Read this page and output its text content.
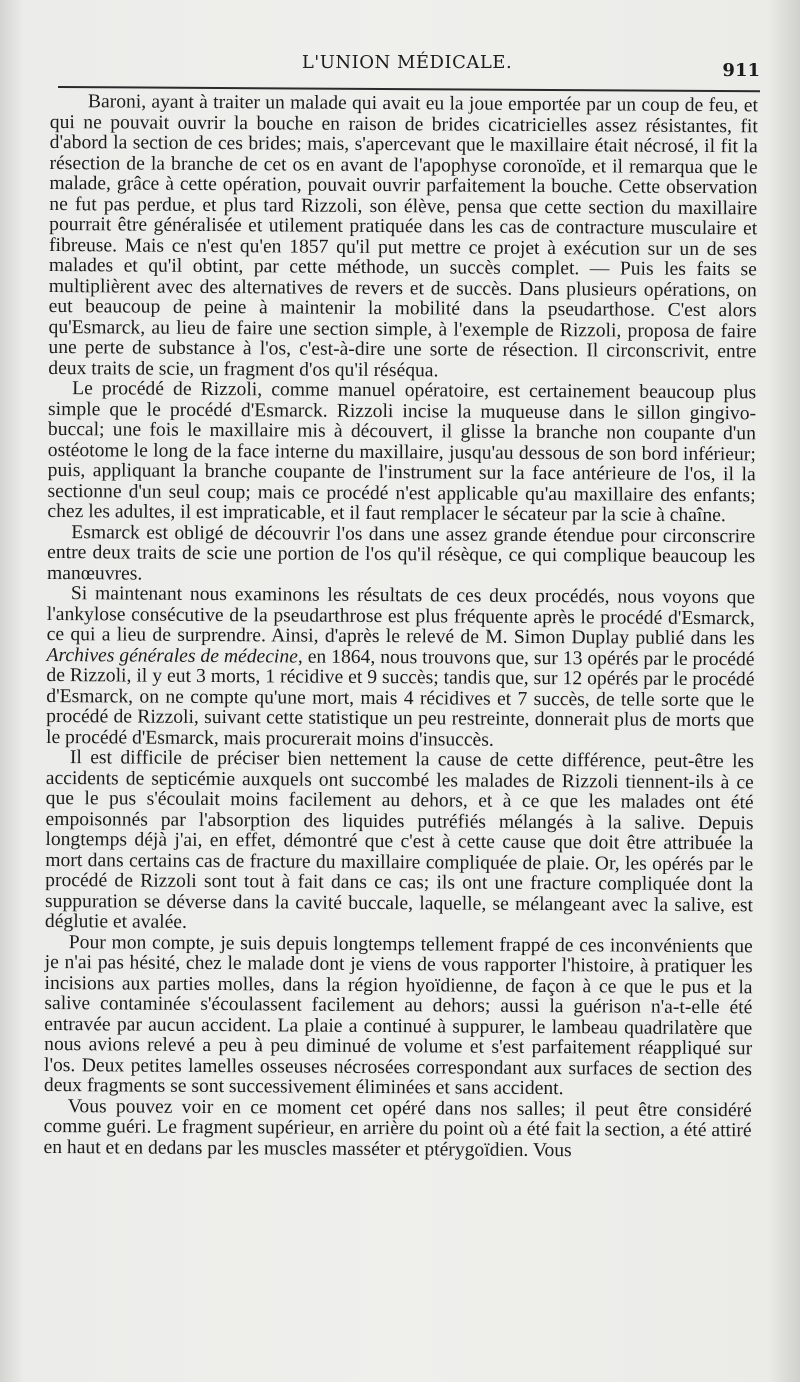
L'UNION MÉDICALE.	911

Baroni, ayant à traiter un malade qui avait eu la joue emportée par un coup de feu, et qui ne pouvait ouvrir la bouche en raison de brides cicatricielles assez résistantes, fit d'abord la section de ces brides; mais, s'apercevant que le maxillaire était nécrosé, il fit la résection de la branche de cet os en avant de l'apophyse coronoïde, et il remarqua que le malade, grâce à cette opération, pouvait ouvrir parfaitement la bouche. Cette observation ne fut pas perdue, et plus tard Rizzoli, son élève, pensa que cette section du maxillaire pourrait être généralisée et utilement pratiquée dans les cas de contracture musculaire et fibreuse. Mais ce n'est qu'en 1857 qu'il put mettre ce projet à exécution sur un de ses malades et qu'il obtint, par cette méthode, un succès complet. — Puis les faits se multiplièrent avec des alternatives de revers et de succès. Dans plusieurs opérations, on eut beaucoup de peine à maintenir la mobilité dans la pseudarthose. C'est alors qu'Esmarck, au lieu de faire une section simple, à l'exemple de Rizzoli, proposa de faire une perte de substance à l'os, c'est-à-dire une sorte de résection. Il circonscrivit, entre deux traits de scie, un fragment d'os qu'il réséqua.

Le procédé de Rizzoli, comme manuel opératoire, est certainement beaucoup plus simple que le procédé d'Esmarck. Rizzoli incise la muqueuse dans le sillon gingivo-buccal; une fois le maxillaire mis à découvert, il glisse la branche non coupante d'un ostéotome le long de la face interne du maxillaire, jusqu'au dessous de son bord inférieur; puis, appliquant la branche coupante de l'instrument sur la face antérieure de l'os, il la sectionne d'un seul coup; mais ce procédé n'est applicable qu'au maxillaire des enfants; chez les adultes, il est impraticable, et il faut remplacer le sécateur par la scie à chaîne.

Esmarck est obligé de découvrir l'os dans une assez grande étendue pour circonscrire entre deux traits de scie une portion de l'os qu'il résèque, ce qui complique beaucoup les manœuvres.

Si maintenant nous examinons les résultats de ces deux procédés, nous voyons que l'ankylose consécutive de la pseudarthrose est plus fréquente après le procédé d'Esmarck, ce qui a lieu de surprendre. Ainsi, d'après le relevé de M. Simon Duplay publié dans les Archives générales de médecine, en 1864, nous trouvons que, sur 13 opérés par le procédé de Rizzoli, il y eut 3 morts, 1 récidive et 9 succès; tandis que, sur 12 opérés par le procédé d'Esmarck, on ne compte qu'une mort, mais 4 récidives et 7 succès, de telle sorte que le procédé de Rizzoli, suivant cette statistique un peu restreinte, donnerait plus de morts que le procédé d'Esmarck, mais procurerait moins d'insuccès.

Il est difficile de préciser bien nettement la cause de cette différence, peut-être les accidents de septicémie auxquels ont succombé les malades de Rizzoli tiennent-ils à ce que le pus s'écoulait moins facilement au dehors, et à ce que les malades ont été empoisonnés par l'absorption des liquides putréfiés mélangés à la salive. Depuis longtemps déjà j'ai, en effet, démontré que c'est à cette cause que doit être attribuée la mort dans certains cas de fracture du maxillaire compliquée de plaie. Or, les opérés par le procédé de Rizzoli sont tout à fait dans ce cas; ils ont une fracture compliquée dont la suppuration se déverse dans la cavité buccale, laquelle, se mélangeant avec la salive, est déglutie et avalée.

Pour mon compte, je suis depuis longtemps tellement frappé de ces inconvénients que je n'ai pas hésité, chez le malade dont je viens de vous rapporter l'histoire, à pratiquer les incisions aux parties molles, dans la région hyoïdienne, de façon à ce que le pus et la salive contaminée s'écoulassent facilement au dehors; aussi la guérison n'a-t-elle été entravée par aucun accident. La plaie a continué à suppurer, le lambeau quadrilatère que nous avions relevé a peu à peu diminué de volume et s'est parfaitement réappliqué sur l'os. Deux petites lamelles osseuses nécrosées correspondant aux surfaces de section des deux fragments se sont successivement éliminées et sans accident.

Vous pouvez voir en ce moment cet opéré dans nos salles; il peut être considéré comme guéri. Le fragment supérieur, en arrière du point où a été fait la section, a été attiré en haut et en dedans par les muscles masséter et ptérygoïdien. Vous
